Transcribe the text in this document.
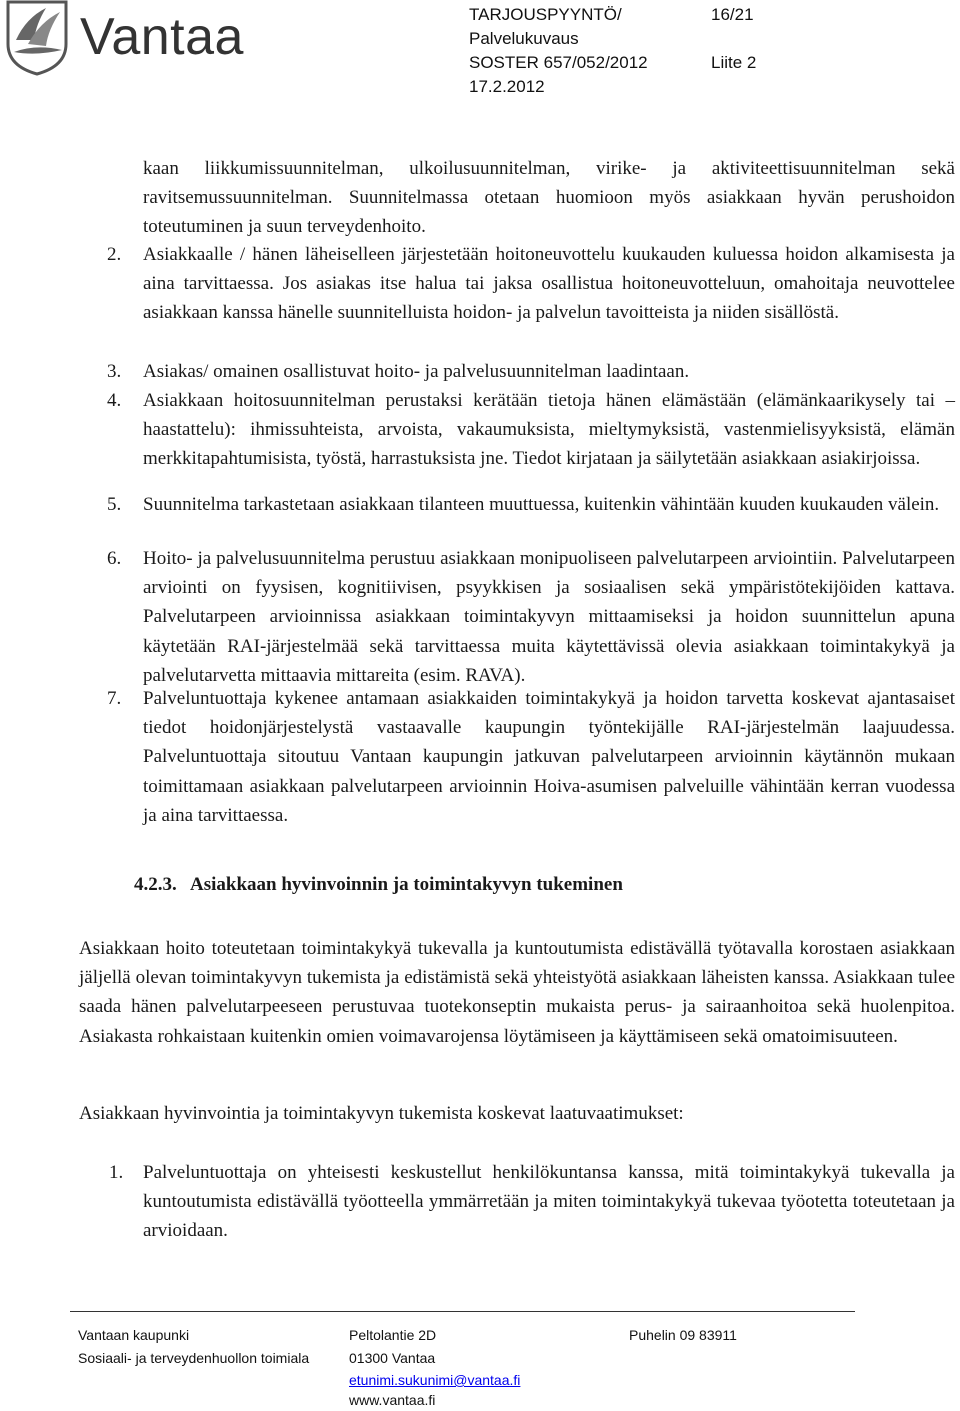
Vantaa	TARJOUSPYYNTÖ/	16/21
Palvelukuvaus
SOSTER 657/052/2012	Liite 2
17.2.2012
kaan liikkumissuunnitelman, ulkoilusuunnitelman, virike- ja aktiviteettisuunnitelman sekä ravitsemussuunnitelman. Suunnitelmassa otetaan huomioon myös asiakkaan hyvän perushoidon toteutuminen ja suun terveydenhoito.
2. Asiakkaalle / hänen läheiselleen järjestetään hoitoneuvottelu kuukauden kuluessa hoidon alkamisesta ja aina tarvittaessa. Jos asiakas itse halua tai jaksa osallistua hoitoneuvotteluun, omahoitaja neuvottelee asiakkaan kanssa hänelle suunnitelluista hoidon- ja palvelun tavoitteista ja niiden sisällöstä.
3. Asiakas/ omainen osallistuvat hoito- ja palvelusuunnitelman laadintaan.
4. Asiakkaan hoitosuunnitelman perustaksi kerätään tietoja hänen elämästään (elämänkaarikysely tai – haastattelu): ihmissuhteista, arvoista, vakaumuksista, mieltymyksistä, vastenmielisyyksistä, elämän merkkitapahtumisista, työstä, harrastuksista jne. Tiedot kirjataan ja säilytetään asiakkaan asiakirjoissa.
5. Suunnitelma tarkastetaan asiakkaan tilanteen muuttuessa, kuitenkin vähintään kuuden kuukauden välein.
6. Hoito- ja palvelusuunnitelma perustuu asiakkaan monipuoliseen palvelutarpeen arviointiin. Palvelutarpeen arviointi on fyysisen, kognitiivisen, psyykkisen ja sosiaalisen sekä ympäristötekijöiden kattava. Palvelutarpeen arvioinnissa asiakkaan toimintakyvyn mittaamiseksi ja hoidon suunnittelun apuna käytetään RAI-järjestelmää sekä tarvittaessa muita käytettävissä olevia asiakkaan toimintakykyä ja palvelutarvetta mittaavia mittareita (esim. RAVA).
7. Palveluntuottaja kykenee antamaan asiakkaiden toimintakykyä ja hoidon tarvetta koskevat ajantasaiset tiedot hoidonjärjestelystä vastaavalle kaupungin työntekijälle RAI-järjestelmän laajuudessa. Palveluntuottaja sitoutuu Vantaan kaupungin jatkuvan palvelutarpeen arvioinnin käytännön mukaan toimittamaan asiakkaan palvelutarpeen arvioinnin Hoiva-asumisen palveluille vähintään kerran vuodessa ja aina tarvittaessa.
4.2.3. Asiakkaan hyvinvoinnin ja toimintakyvyn tukeminen
Asiakkaan hoito toteutetaan toimintakykyä tukevalla ja kuntoutumista edistävällä työtavalla korostaen asiakkaan jäljellä olevan toimintakyvyn tukemista ja edistämistä sekä yhteistyötä asiakkaan läheisten kanssa. Asiakkaan tulee saada hänen palvelutarpeeseen perustuvaa tuotekonseptin mukaista perus- ja sairaanhoitoa sekä huolenpitoa. Asiakasta rohkaistaan kuitenkin omien voimavarojensa löytämiseen ja käyttämiseen sekä omatoimisuuteen.
Asiakkaan hyvinvointia ja toimintakyvyn tukemista koskevat laatuvaatimukset:
1. Palveluntuottaja on yhteisesti keskustellut henkilökuntansa kanssa, mitä toimintakykyä tukevalla ja kuntoutumista edistävällä työotteella ymmärretään ja miten toimintakykyä tukevaa työotetta toteutetaan ja arvioidaan.
Vantaan kaupunki
Sosiaali- ja terveydenhuollon toimiala
Peltolantie 2D
01300 Vantaa
etunimi.sukunimi@vantaa.fi
www.vantaa.fi
Puhelin 09 83911
